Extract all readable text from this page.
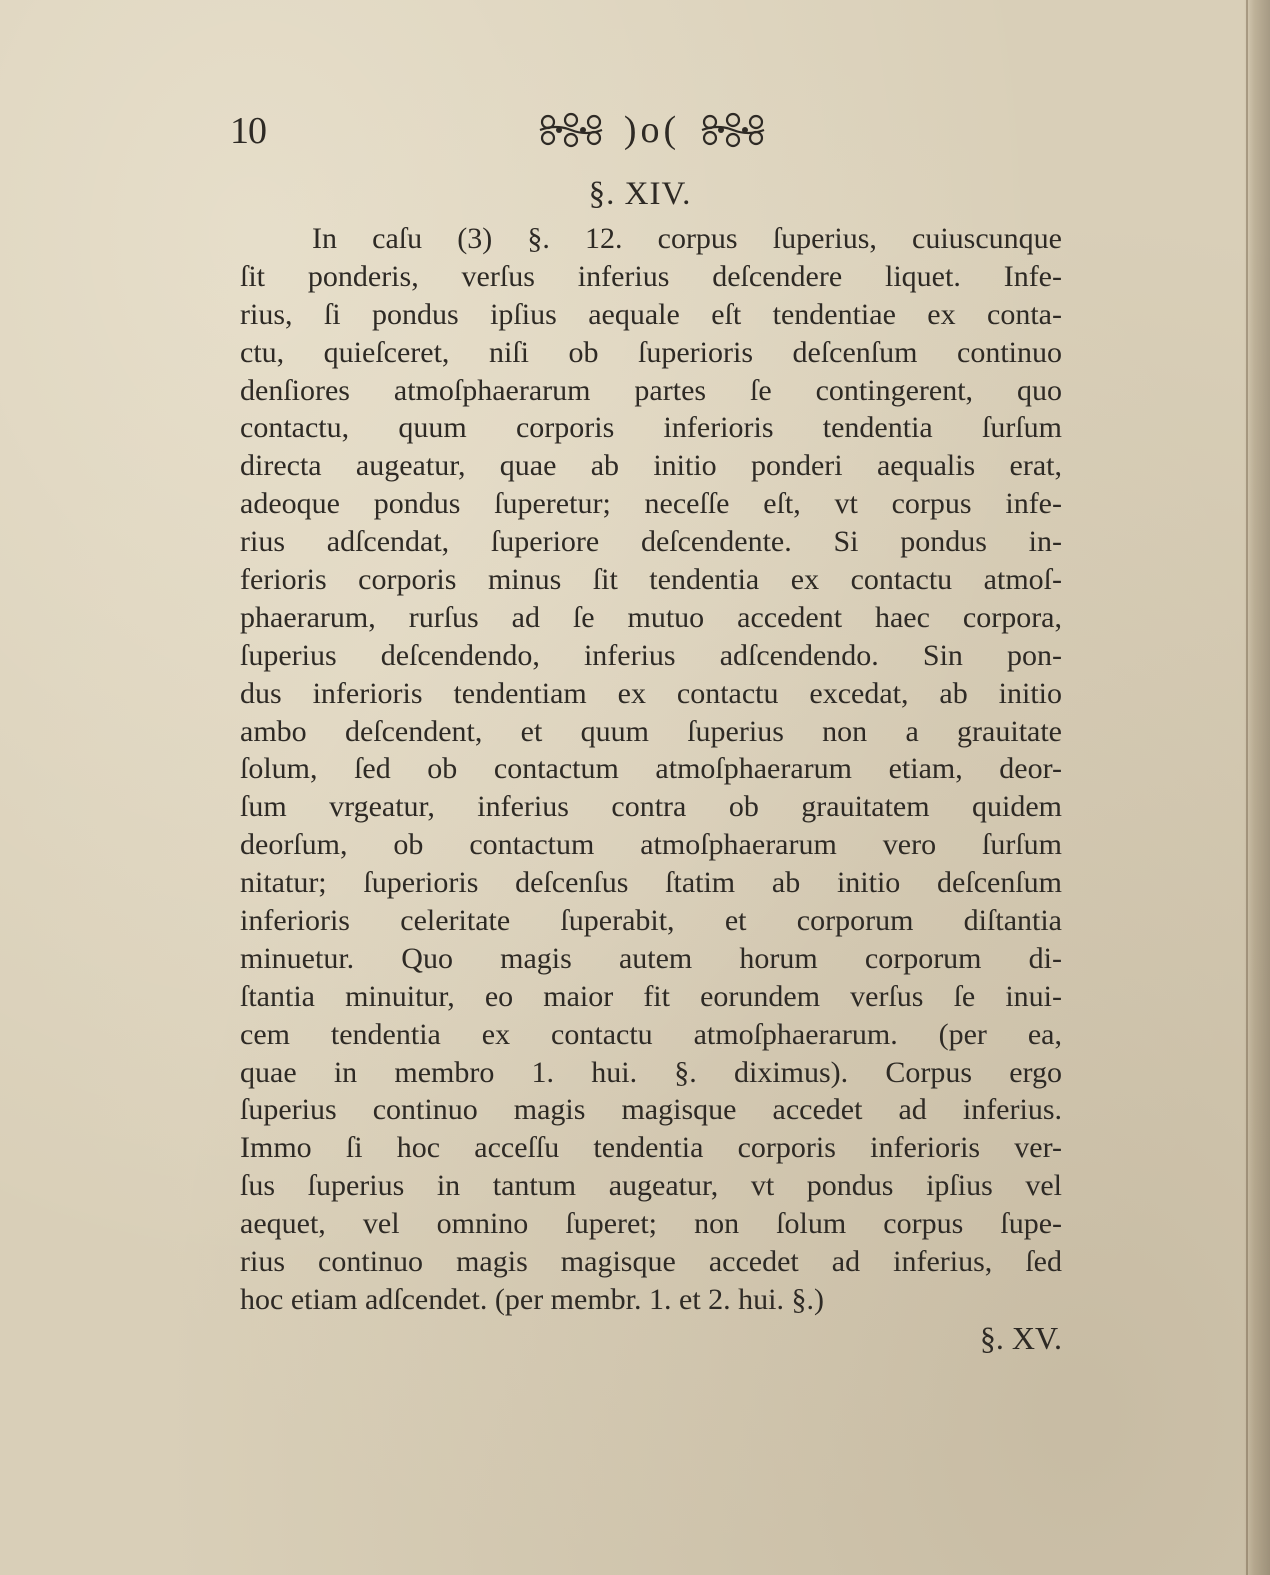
10	)o(
§. XIV.
In caſu (3) §. 12. corpus ſuperius, cuiuscunque
ſit ponderis, verſus inferius deſcendere liquet. Infe-
rius, ſi pondus ipſius aequale eſt tendentiae ex conta-
ctu, quieſceret, niſi ob ſuperioris deſcenſum continuo
denſiores atmoſphaerarum partes ſe contingerent, quo
contactu, quum corporis inferioris tendentia ſurſum
directa augeatur, quae ab initio ponderi aequalis erat,
adeoque pondus ſuperetur; neceſſe eſt, vt corpus infe-
rius adſcendat, ſuperiore deſcendente. Si pondus in-
ferioris corporis minus ſit tendentia ex contactu atmoſ-
phaerarum, rurſus ad ſe mutuo accedent haec corpora,
ſuperius deſcendendo, inferius adſcendendo. Sin pon-
dus inferioris tendentiam ex contactu excedat, ab initio
ambo deſcendent, et quum ſuperius non a grauitate
ſolum, ſed ob contactum atmoſphaerarum etiam, deor-
ſum vrgeatur, inferius contra ob grauitatem quidem
deorſum, ob contactum atmoſphaerarum vero ſurſum
nitatur; ſuperioris deſcenſus ſtatim ab initio deſcenſum
inferioris celeritate ſuperabit, et corporum diſtantia
minuetur. Quo magis autem horum corporum di-
ſtantia minuitur, eo maior fit eorundem verſus ſe inui-
cem tendentia ex contactu atmoſphaerarum. (per ea,
quae in membro 1. hui. §. diximus). Corpus ergo
ſuperius continuo magis magisque accedet ad inferius.
Immo ſi hoc acceſſu tendentia corporis inferioris ver-
ſus ſuperius in tantum augeatur, vt pondus ipſius vel
aequet, vel omnino ſuperet; non ſolum corpus ſupe-
rius continuo magis magisque accedet ad inferius, ſed
hoc etiam adſcendet. (per membr. 1. et 2. hui. §.)
§. XV.
